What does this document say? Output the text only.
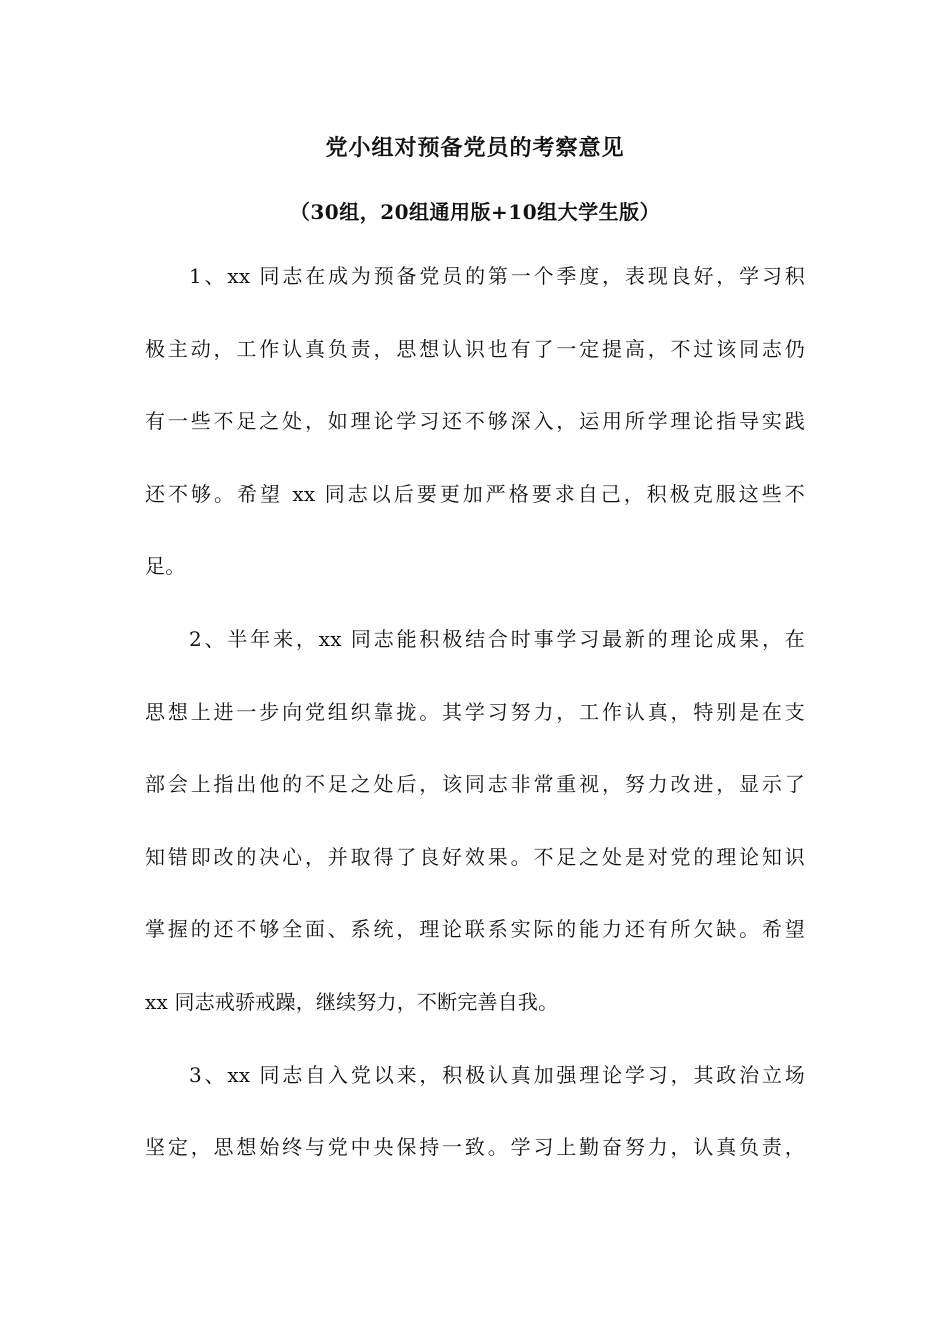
党小组对预备党员的考察意见
（30组，20组通用版+10组大学生版）
1、xx 同志在成为预备党员的第一个季度，表现良好，学习积
极主动，工作认真负责，思想认识也有了一定提高，不过该同志仍
有一些不足之处，如理论学习还不够深入，运用所学理论指导实践
还不够。希望 xx 同志以后要更加严格要求自己，积极克服这些不
足。
2、半年来，xx 同志能积极结合时事学习最新的理论成果，在
思想上进一步向党组织靠拢。其学习努力，工作认真，特别是在支
部会上指出他的不足之处后，该同志非常重视，努力改进，显示了
知错即改的决心，并取得了良好效果。不足之处是对党的理论知识
掌握的还不够全面、系统，理论联系实际的能力还有所欠缺。希望
xx 同志戒骄戒躁，继续努力，不断完善自我。
3、xx 同志自入党以来，积极认真加强理论学习，其政治立场
坚定，思想始终与党中央保持一致。学习上勤奋努力，认真负责，
